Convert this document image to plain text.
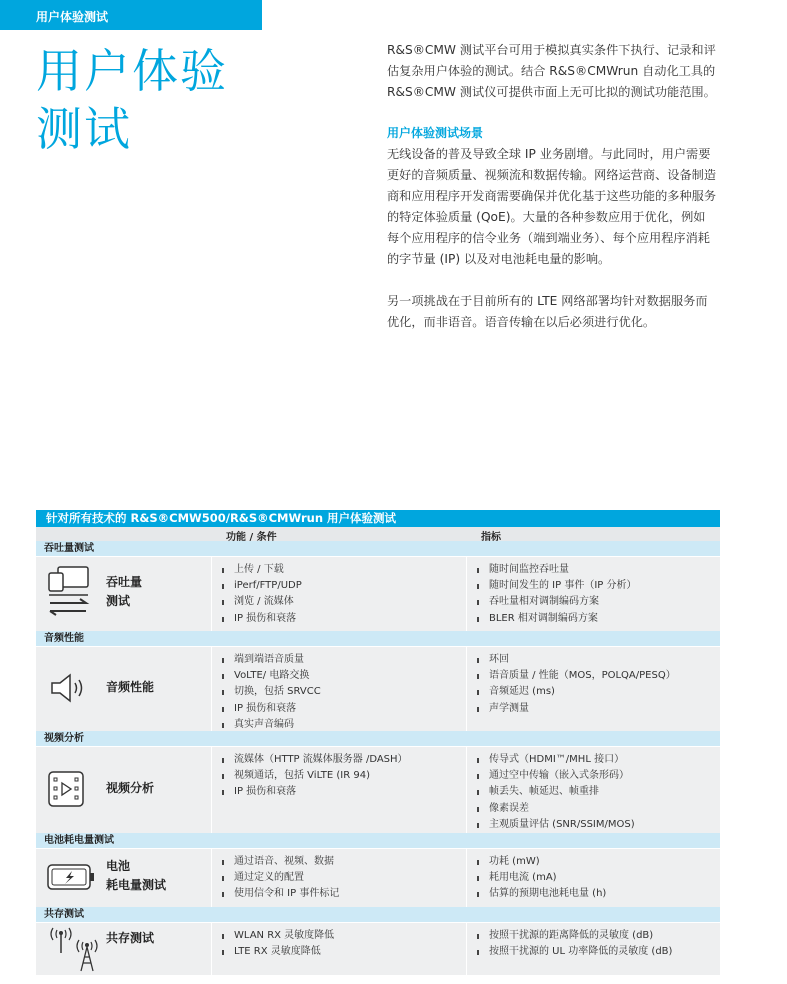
用户体验测试
用户体验
测试

R&S®CMW 测试平台可用于模拟真实条件下执行、记录和评估复杂用户体验的测试。结合 R&S®CMWrun 自动化工具的 R&S®CMW 测试仪可提供市面上无可比拟的测试功能范围。

用户体验测试场景

无线设备的普及导致全球 IP 业务剧增。与此同时，用户需要更好的音频质量、视频流和数据传输。网络运营商、设备制造商和应用程序开发商需要确保并优化基于这些功能的多种服务的特定体验质量 (QoE)。大量的各种参数应用于优化，例如每个应用程序的信令业务（端到端业务）、每个应用程序消耗的字节量 (IP) 以及对电池耗电量的影响。

另一项挑战在于目前所有的 LTE 网络部署均针对数据服务而优化，而非语音。语音传输在以后必须进行优化。

针对所有技术的 R&S®CMW500/R&S®CMWrun 用户体验测试
功能 / 条件	指标
吞吐量测试
吞吐量
测试
上传 / 下载
iPerf/FTP/UDP
浏览 / 流媒体
IP 损伤和衰落
随时间监控吞吐量
随时间发生的 IP 事件（IP 分析）
吞吐量相对调制编码方案
BLER 相对调制编码方案
音频性能
音频性能
端到端语音质量
VoLTE/ 电路交换
切换，包括 SRVCC
IP 损伤和衰落
真实声音编码
环回
语音质量 / 性能（MOS，POLQA/PESQ）
音频延迟 (ms)
声学测量
视频分析
视频分析
流媒体（HTTP 流媒体服务器 /DASH）
视频通话，包括 ViLTE (IR 94)
IP 损伤和衰落
传导式（HDMI™/MHL 接口）
通过空中传输（嵌入式条形码）
帧丢失、帧延迟、帧重排
像素误差
主观质量评估 (SNR/SSIM/MOS)
电池耗电量测试
电池
耗电量测试
通过语音、视频、数据
通过定义的配置
使用信令和 IP 事件标记
功耗 (mW)
耗用电流 (mA)
估算的预期电池耗电量 (h)
共存测试
共存测试	WLAN RX 灵敏度降低
LTE RX 灵敏度降低
按照干扰源的距离降低的灵敏度 (dB)
按照干扰源的 UL 功率降低的灵敏度 (dB)
